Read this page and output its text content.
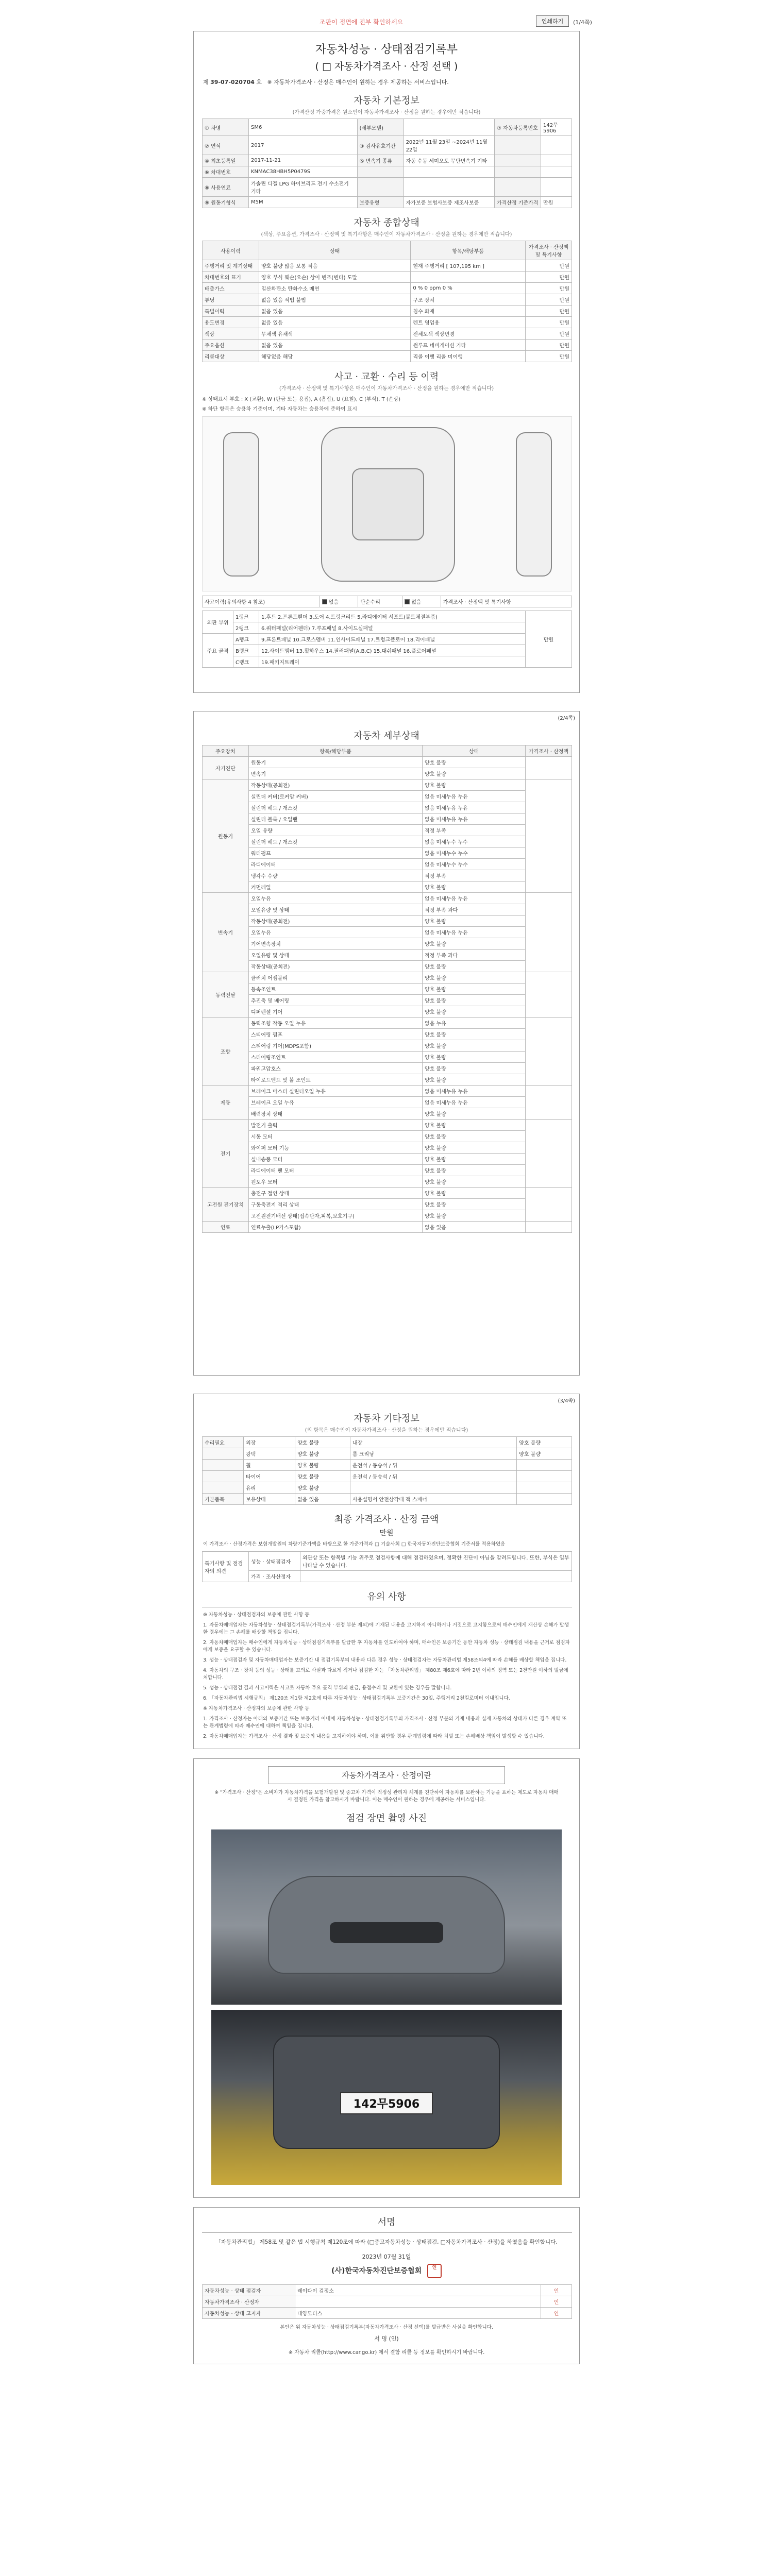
조판이 정면에 전부 확인하세요	인쇄하기	(1/4쪽)
자동차성능 · 상태점검기록부
( □ 자동차가격조사 · 산정 선택 )
제 39-07-020704 호 ※ 자동차가격조사 · 산정은 매수인이 원하는 경우 제공하는 서비스입니다.
자동차 기본정보
(가격산정 가중가격은 원소인이 자동차가격조사 · 산정을 원하는 경우에만 적습니다)
① 차명	SM6	(세부모델)		⑦ 자동차등록번호	142무5906
② 연식	2017	③ 검사유효기간	2022년 11월 23일 ~2024년 11월 22일		
④ 최초등록일	2017-11-21	⑤ 변속기 종류	자동 수동 세미오토 무단변속기 기타		
⑥ 차대번호	KNMAC38HBH5P0479S				
⑧ 사용연료	가솔린 디젤 LPG 하이브리드 전기 수소전기 기타				
⑨ 원동기형식	M5M	보증유형	자가보증 보험사보증 제조사보증	가격산정 기준가격	만원
자동차 종합상태
(색상, 주요옵션, 가격조사 · 산정액 및 특기사항은 매수인이 자동차가격조사 · 산정을 원하는 경우에만 적습니다)
사용이력	상태	항목/해당부품	가격조사 · 산정액 및 특기사항
주행거리 및 계기상태	양호 불량 많음 보통 적음	현재 주행거리 [ 107,195 km ]	만원
차대번호의 표기	양호 부식 훼손(오손) 상이 변조(변타) 도말		만원
배출가스	일산화탄소 탄화수소 매연	0 % 0 ppm 0 %	만원
튜닝	없음 있음 적법 불법	구조 장치	만원
특별이력	없음 있음	침수 화재	만원
용도변경	없음 있음	렌트 영업용	만원
색상	무채색 유채색	전체도색 색상변경	만원
주요옵션	없음 있음	썬루프 네비게이션 기타	만원
리콜대상	해당없음 해당	리콜 이행 리콜 미이행	만원
사고 · 교환 · 수리 등 이력
(가격조사 · 산정액 및 특기사항은 매수인이 자동차가격조사 · 산정을 원하는 경우에만 적습니다)
※ 상태표시 부호 : X (교환), W (판금 또는 용접), A (흠집), U (요철), C (부식), T (손상)
※ 하단 항목은 승용차 기준이며, 기타 자동차는 승용차에 준하여 표시
사고이력(유의사항 4 참조)	없음	단순수리	없음	가격조사 · 산정액 및 특기사항
외판 부위	1랭크	1.후드 2.프론트휀더 3.도어 4.트렁크리드 5.라디에이터 서포트(볼트체결부품)	만원
	2랭크	6.쿼터패널(리어펜더) 7.루프패널 8.사이드실패널	
주요 골격	A랭크	9.프론트패널 10.크로스멤버 11.인사이드패널 17.트렁크플로어 18.리어패널	
	B랭크	12.사이드멤버 13.휠하우스 14.필러패널(A,B,C) 15.대쉬패널 16.플로어패널	
	C랭크	19.패키지트레이	
(2/4쪽)
자동차 세부상태
주요장치	항목/해당부품	상태	가격조사 · 산정액
자기진단	원동기	양호 불량	
	변속기	양호 불량	
원동기	작동상태(공회전)	양호 불량	
	실린더 커버(로커암 커버)	없음 미세누유 누유	
	실린더 헤드 / 개스킷	없음 미세누유 누유	
	실린더 블록 / 오일팬	없음 미세누유 누유	
	오일 유량	적정 부족	
	실린더 헤드 / 개스킷	없음 미세누수 누수	
	워터펌프	없음 미세누수 누수	
	라디에이터	없음 미세누수 누수	
	냉각수 수량	적정 부족	
	커먼레일	양호 불량	
변속기	오일누유	없음 미세누유 누유	
	오일유량 및 상태	적정 부족 과다	
	작동상태(공회전)	양호 불량	
	오일누유	없음 미세누유 누유	
	기어변속장치	양호 불량	
	오일유량 및 상태	적정 부족 과다	
	작동상태(공회전)	양호 불량	
동력전달	클러치 어셈블리	양호 불량	
	등속조인트	양호 불량	
	추진축 및 베어링	양호 불량	
	디퍼렌셜 기어	양호 불량	
조향	동력조향 작동 오일 누유	없음 누유	
	스티어링 펌프	양호 불량	
	스티어링 기어(MDPS포함)	양호 불량	
	스티어링조인트	양호 불량	
	파워고압호스	양호 불량	
	타이로드엔드 및 볼 조인트	양호 불량	
제동	브레이크 마스터 실린더오일 누유	없음 미세누유 누유	
	브레이크 오일 누유	없음 미세누유 누유	
	배력장치 상태	양호 불량	
전기	발전기 출력	양호 불량	
	시동 모터	양호 불량	
	와이퍼 모터 기능	양호 불량	
	실내송풍 모터	양호 불량	
	라디에이터 팬 모터	양호 불량	
	윈도우 모터	양호 불량	
고전원 전기장치	충전구 절연 상태	양호 불량	
	구동축전지 격리 상태	양호 불량	
	고전원전기배선 상태(접속단자,피복,보호기구)	양호 불량	
연료	연료누출(LP가스포함)	없음 있음	
(3/4쪽)
자동차 기타정보
(외 항목은 매수인이 자동차가격조사 · 산정을 원하는 경우에만 적습니다)
수리필요	외장	양호 불량	내장	양호 불량
	광택	양호 불량	룸 크리닝	양호 불량
	휠	양호 불량	운전석 / 동승석 / 뒤	
	타이어	양호 불량	운전석 / 동승석 / 뒤	
	유리	양호 불량		
기본품목	보유상태	없음 있음	사용설명서 안전삼각대 잭 스패너	
최종 가격조사 · 산정 금액
만원
이 가격조사 · 산정가격은 보험개발원의 차량기준가액을 바탕으로 한 가준가격과 □ 기술사회 □ 한국자동차진단보증협회 기준서를 적용하였음
특기사항 및 점검자의 의견	성능 · 상태점검자	외관상 또는 항목별 기능 위주로 점검사항에 대해 점검하였으며, 정확한 진단이 아님을 알려드립니다. 또한, 부식은 일부 나타날 수 있습니다.
	가격 · 조사산정자	
유의 사항
※ 자동차성능 · 상태점검자의 보증에 관한 사항 등
1. 자동차매매업자는 자동차성능 · 상태점검기록부(가격조사 · 산정 부분 제외)에 기재된 내용을 고지하지 아니하거나 거짓으로 고지함으로써 매수인에게 재산상 손해가 발생한 경우에는 그 손해를 배상할 책임을 집니다.
2. 자동차매매업자는 매수인에게 자동차성능 · 상태점검기록부를 발급한 후 자동차를 인도하여야 하며, 매수인은 보증기간 동안 자동차 성능 · 상태점검 내용을 근거로 점검자에게 보증을 요구할 수 있습니다.
3. 성능 · 상태점검자 및 자동차매매업자는 보증기간 내 점검기록부의 내용과 다른 경우 성능 · 상태점검자는 자동차관리법 제58조의4에 따라 손해를 배상할 책임을 집니다.
4. 자동차의 구조 · 장치 등의 성능 · 상태를 고의로 사실과 다르게 적거나 점검한 자는 「자동차관리법」 제80조 제6호에 따라 2년 이하의 징역 또는 2천만원 이하의 벌금에 처합니다.
5. 성능 · 상태점검 결과 사고이력은 사고로 자동차 주요 골격 부위의 판금, 용접수리 및 교환이 있는 경우를 말합니다.
6. 「자동차관리법 시행규칙」 제120조 제1항 제2호에 따른 자동차성능 · 상태점검기록부 보증기간은 30일, 주행거리 2천킬로미터 이내입니다.
※ 자동차가격조사 · 산정자의 보증에 관한 사항 등
1. 가격조사 · 산정자는 아래의 보증기간 또는 보증거리 이내에 자동차성능 · 상태점검기록부의 가격조사 · 산정 부분의 기재 내용과 실제 자동차의 상태가 다른 경우 계약 또는 관계법령에 따라 매수인에 대하여 책임을 집니다.
2. 자동차매매업자는 가격조사 · 산정 결과 및 보증의 내용을 고지하여야 하며, 이를 위반할 경우 관계법령에 따라 처벌 또는 손해배상 책임이 발생할 수 있습니다.
자동차가격조사 · 산정이란
※ "가격조사 · 산정"은 소비자가 자동차가격을 보험개발원 및 중고차 가격이 적정성 관리자 체계를 진단하여 자동차를 보완하는 기능을 표하는 제도로 자동차 매매 시 결정된 가격을 참고하시기 바랍니다. 이는 매수인이 원하는 경우에 제공하는 서비스입니다.
점검 장면 촬영 사진
142무5906
서명
「자동차관리법」 제58조 및 같은 법 시행규칙 제120조에 따라 (□중고자동차성능 · 상태점검, □자동차가격조사 · 산정)을 하였음을 확인합니다.
2023년 07월 31일
(사)한국자동차진단보증협회 인
자동차성능 · 상태 점검자	레이다이 검정소	인
자동차가격조사 · 산정자		인
자동차성능 · 상태 고지자	대양모터스	인
본인은 위 자동차성능 · 상태점검기록부(자동차가격조사 · 산정 선택)를 발급받은 사실을 확인합니다.
서 명 (인)
※ 자동차 리콜(http://www.car.go.kr) 에서 결함 리콜 등 정보를 확인하시기 바랍니다.
